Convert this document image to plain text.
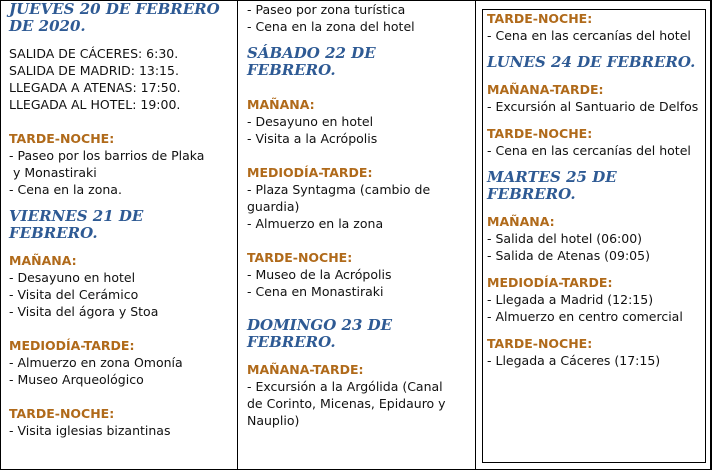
JUEVES 20 DE FEBRERO DE 2020.
SALIDA DE CÁCERES: 6:30.
SALIDA DE MADRID: 13:15.
LLEGADA A ATENAS: 17:50.
LLEGADA AL HOTEL: 19:00.
TARDE-NOCHE:
- Paseo por los barrios de Plaka
y Monastiraki
- Cena en la zona.
VIERNES 21 DE FEBRERO.
MAÑANA:
- Desayuno en hotel
- Visita del Cerámico
- Visita del ágora y Stoa
MEDIODÍA-TARDE:
- Almuerzo en zona Omonía
- Museo Arqueológico
TARDE-NOCHE:
- Visita iglesias bizantinas
- Paseo por zona turística
- Cena en la zona del hotel
SÁBADO 22 DE FEBRERO.
MAÑANA:
- Desayuno en hotel
- Visita a la Acrópolis
MEDIODÍA-TARDE:
- Plaza Syntagma (cambio de
guardia)
- Almuerzo en la zona
TARDE-NOCHE:
- Museo de la Acrópolis
- Cena en Monastiraki
DOMINGO 23 DE FEBRERO.
MAÑANA-TARDE:
- Excursión a la Argólida (Canal
de Corinto, Micenas, Epidauro y
Nauplio)
TARDE-NOCHE:
- Cena en las cercanías del hotel
LUNES 24 DE FEBRERO.
MAÑANA-TARDE:
- Excursión al Santuario de Delfos
TARDE-NOCHE:
- Cena en las cercanías del hotel
MARTES 25 DE FEBRERO.
MAÑANA:
- Salida del hotel (06:00)
- Salida de Atenas (09:05)
MEDIODÍA-TARDE:
- Llegada a Madrid (12:15)
- Almuerzo en centro comercial
TARDE-NOCHE:
- Llegada a Cáceres (17:15)
